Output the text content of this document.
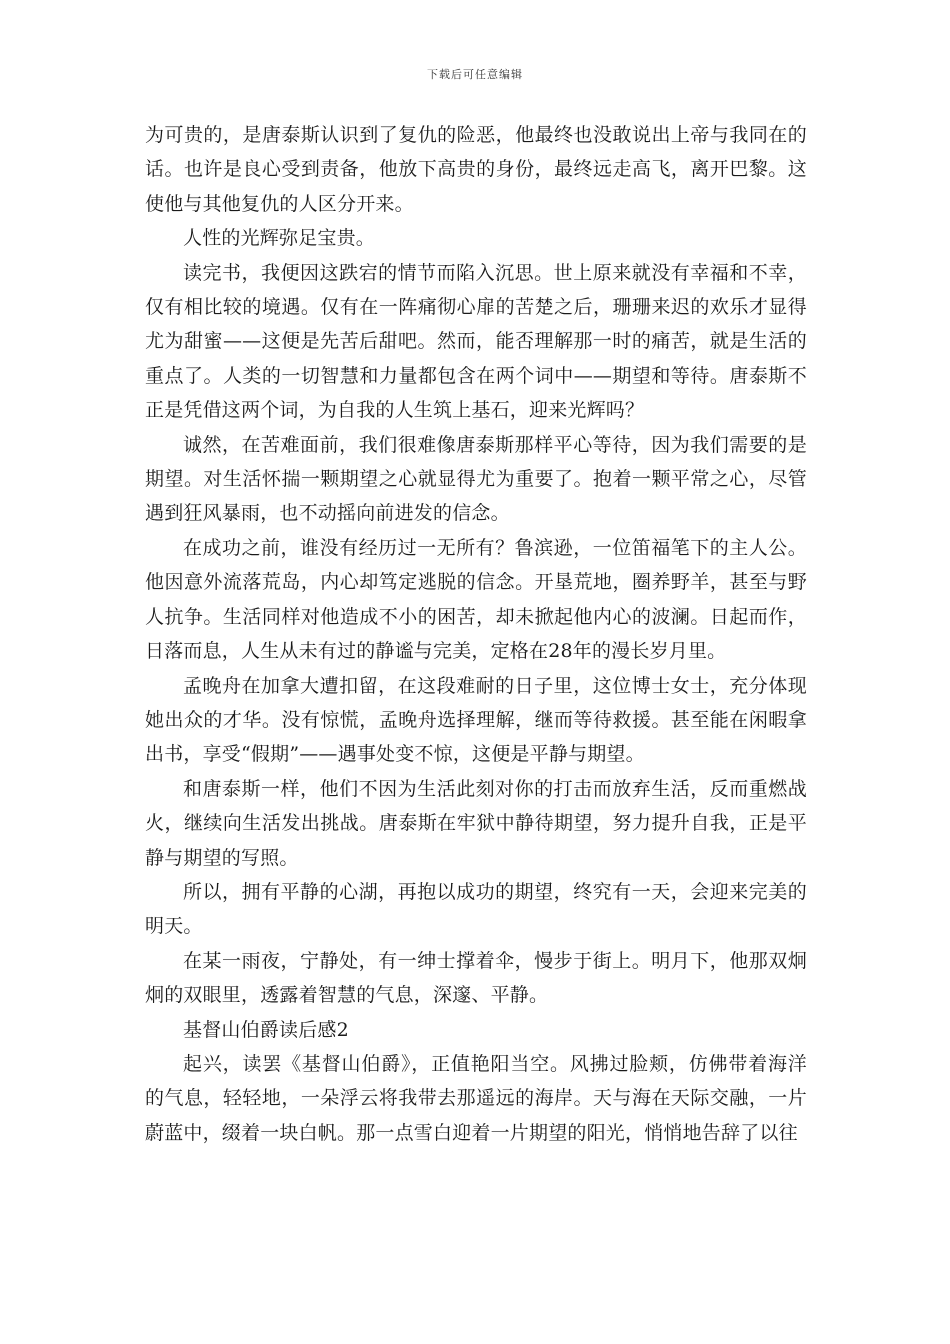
下载后可任意编辑

为可贵的，是唐泰斯认识到了复仇的险恶，他最终也没敢说出上帝与我同在的话。也许是良心受到责备，他放下高贵的身份，最终远走高飞，离开巴黎。这使他与其他复仇的人区分开来。

人性的光辉弥足宝贵。

读完书，我便因这跌宕的情节而陷入沉思。世上原来就没有幸福和不幸，仅有相比较的境遇。仅有在一阵痛彻心扉的苦楚之后，珊珊来迟的欢乐才显得尤为甜蜜——这便是先苦后甜吧。然而，能否理解那一时的痛苦，就是生活的重点了。人类的一切智慧和力量都包含在两个词中——期望和等待。唐泰斯不正是凭借这两个词，为自我的人生筑上基石，迎来光辉吗？

诚然，在苦难面前，我们很难像唐泰斯那样平心等待，因为我们需要的是期望。对生活怀揣一颗期望之心就显得尤为重要了。抱着一颗平常之心，尽管遇到狂风暴雨，也不动摇向前进发的信念。

在成功之前，谁没有经历过一无所有？鲁滨逊，一位笛福笔下的主人公。他因意外流落荒岛，内心却笃定逃脱的信念。开垦荒地，圈养野羊，甚至与野人抗争。生活同样对他造成不小的困苦，却未掀起他内心的波澜。日起而作，日落而息，人生从未有过的静谧与完美，定格在28年的漫长岁月里。

孟晚舟在加拿大遭扣留，在这段难耐的日子里，这位博士女士，充分体现她出众的才华。没有惊慌，孟晚舟选择理解，继而等待救援。甚至能在闲暇拿出书，享受“假期”——遇事处变不惊，这便是平静与期望。

和唐泰斯一样，他们不因为生活此刻对你的打击而放弃生活，反而重燃战火，继续向生活发出挑战。唐泰斯在牢狱中静待期望，努力提升自我，正是平静与期望的写照。

所以，拥有平静的心湖，再抱以成功的期望，终究有一天，会迎来完美的明天。

在某一雨夜，宁静处，有一绅士撑着伞，慢步于街上。明月下，他那双炯炯的双眼里，透露着智慧的气息，深邃、平静。

基督山伯爵读后感2

起兴，读罢《基督山伯爵》，正值艳阳当空。风拂过脸颊，仿佛带着海洋的气息，轻轻地，一朵浮云将我带去那遥远的海岸。天与海在天际交融，一片蔚蓝中，缀着一块白帆。那一点雪白迎着一片期望的阳光，悄悄地告辞了以往
